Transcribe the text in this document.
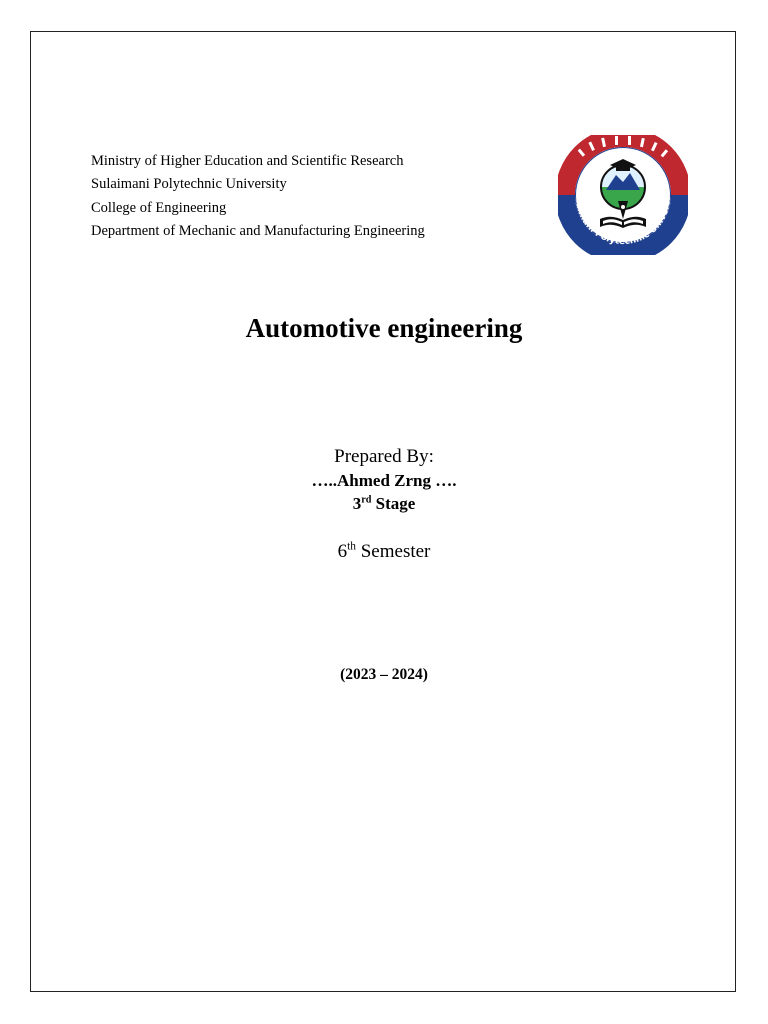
Ministry of Higher Education and Scientific Research
Sulaimani Polytechnic University
College of Engineering
Department of Mechanic and Manufacturing Engineering
laimani Polytechnic Universi
Automotive engineering
Prepared By:
…..Ahmed Zrng ….
3rd Stage
6th Semester
(2023 – 2024)
